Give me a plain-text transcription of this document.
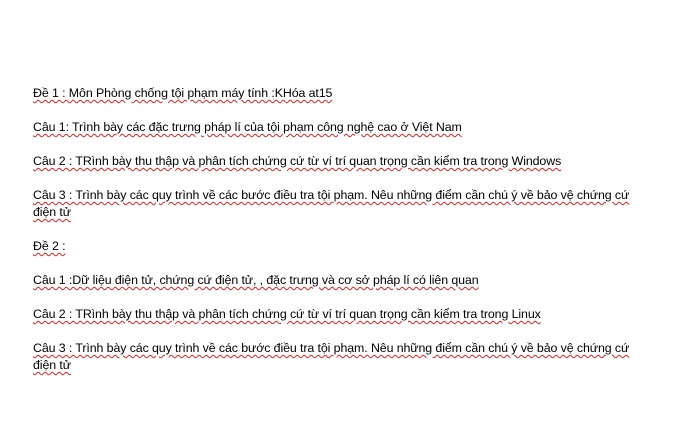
Đề 1 : Môn Phòng chống tội phạm máy tính :KHóa at15

Câu 1: Trình bày các đặc trưng pháp lí của tội phạm công nghệ cao ở Việt Nam

Câu 2 : TRình bày thu thập và phân tích chứng cứ từ ví trí quan trọng cần kiểm tra trong Windows

Câu 3 : Trình bày các quy trình về các bước điều tra tội phạm. Nêu những điểm cần chú ý về bảo vệ chứng cứ điện tử

Đề 2 :

Câu 1 :Dữ liệu điện tử, chứng cứ điện tử, , đặc trưng và cơ sở pháp lí có liên quan

Câu 2 : TRình bày thu thập và phân tích chứng cứ từ ví trí quan trọng cần kiểm tra trong Linux

Câu 3 : Trình bày các quy trình về các bước điều tra tội phạm. Nêu những điểm cần chú ý về bảo vệ chứng cứ điện tử
